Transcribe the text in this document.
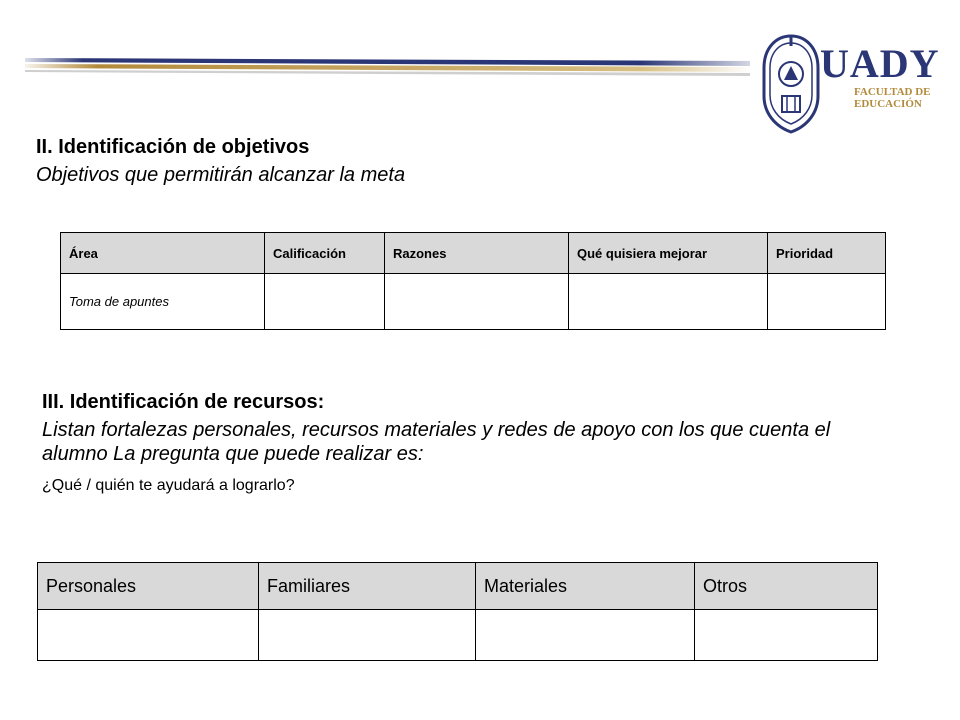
UADY
FACULTAD DE
EDUCACIÓN
II. Identificación de objetivos
Objetivos que permitirán alcanzar la meta
Área	Calificación	Razones	Qué quisiera mejorar	Prioridad
Toma de apuntes				
III. Identificación de recursos:
Listan fortalezas personales, recursos materiales y redes de apoyo con los que cuenta el alumno La pregunta que puede realizar es:
¿Qué / quién te ayudará a lograrlo?
Personales	Familiares	Materiales	Otros
